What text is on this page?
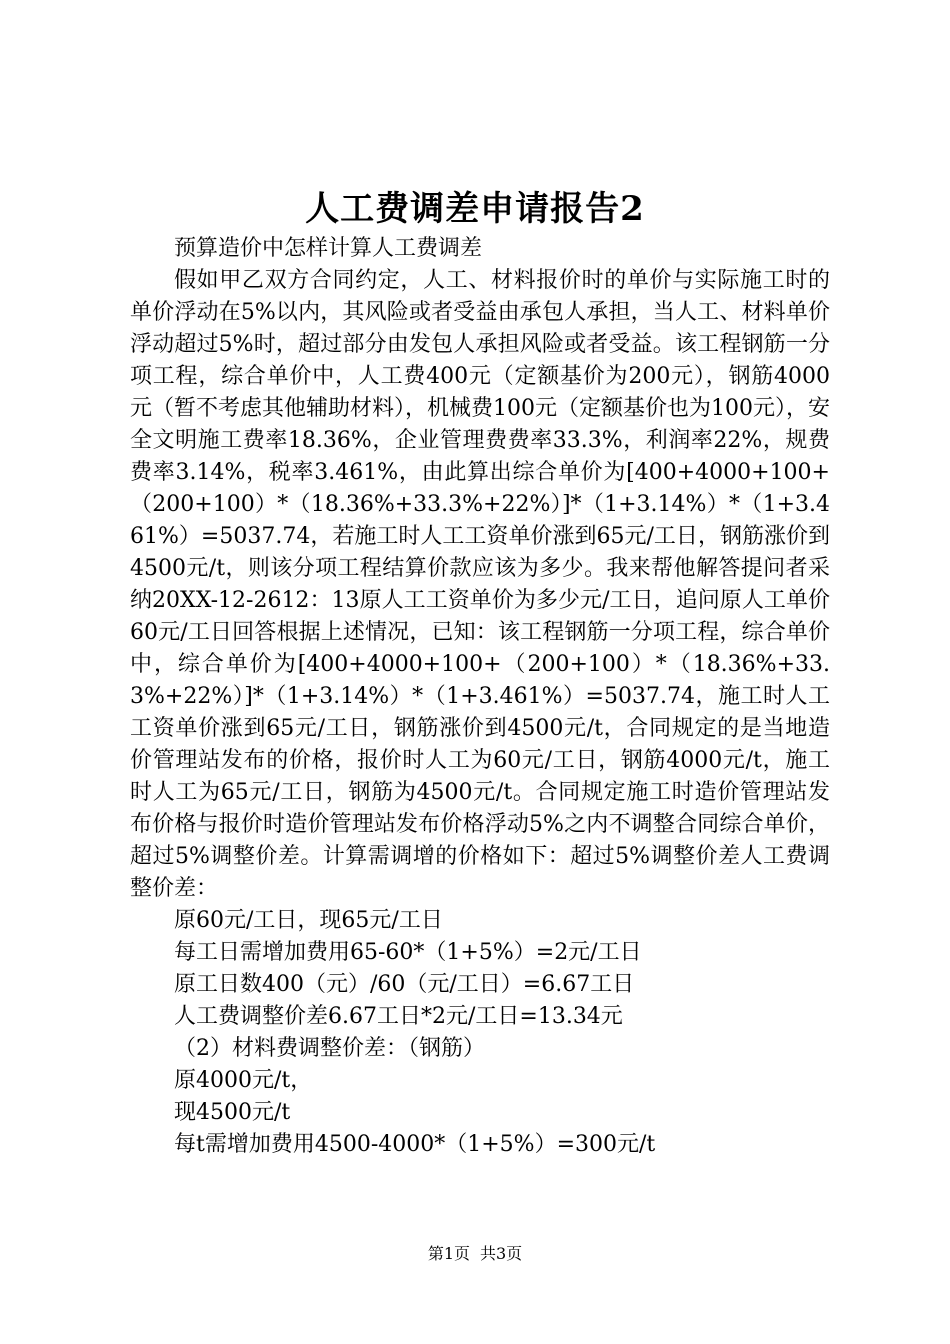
人工费调差申请报告2

预算造价中怎样计算人工费调差

假如甲乙双方合同约定，人工、材料报价时的单价与实际施工时的单价浮动在5%以内，其风险或者受益由承包人承担，当人工、材料单价浮动超过5%时，超过部分由发包人承担风险或者受益。该工程钢筋一分项工程，综合单价中，人工费400元（定额基价为200元），钢筋4000元（暂不考虑其他辅助材料），机械费100元（定额基价也为100元），安全文明施工费率18.36%，企业管理费费率33.3%，利润率22%，规费费率3.14%，税率3.461%，由此算出综合单价为[400+4000+100+（200+100）*（18.36%+33.3%+22%）]*（1+3.14%）*（1+3.461%）=5037.74，若施工时人工工资单价涨到65元/工日，钢筋涨价到4500元/t，则该分项工程结算价款应该为多少。我来帮他解答提问者采纳20XX-12-2612：13原人工工资单价为多少元/工日，追问原人工单价60元/工日回答根据上述情况，已知：该工程钢筋一分项工程，综合单价中，综合单价为[400+4000+100+（200+100）*（18.36%+33.3%+22%）]*（1+3.14%）*（1+3.461%）=5037.74，施工时人工工资单价涨到65元/工日，钢筋涨价到4500元/t，合同规定的是当地造价管理站发布的价格，报价时人工为60元/工日，钢筋4000元/t，施工时人工为65元/工日，钢筋为4500元/t。合同规定施工时造价管理站发布价格与报价时造价管理站发布价格浮动5%之内不调整合同综合单价，超过5%调整价差。计算需调增的价格如下：超过5%调整价差人工费调整价差：

原60元/工日，现65元/工日

每工日需增加费用65-60*（1+5%）=2元/工日

原工日数400（元）/60（元/工日）=6.67工日

人工费调整价差6.67工日*2元/工日=13.34元

（2）材料费调整价差：（钢筋）

原4000元/t，

现4500元/t

每t需增加费用4500-4000*（1+5%）=300元/t

第1页 共3页
